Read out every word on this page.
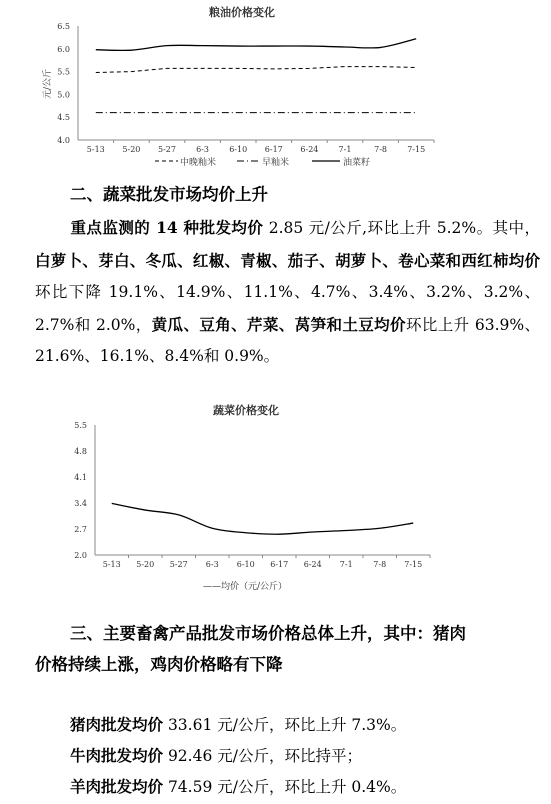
粮油价格变化
元/公斤
6.5
6.0
5.5
5.0
4.5
4.0
5-13 5-20 5-27	6-3	6-10 6-17 6-24	7-1	7-8	7-15
中晚籼米	早籼米	油菜籽
二、蔬菜批发市场均价上升
重点监测的 14 种批发均价 2.85 元/公斤,环比上升 5.2%。其中，白萝卜、芽白、冬瓜、红椒、青椒、茄子、胡萝卜、卷心菜和西红柿均价环比下降 19.1%、14.9%、11.1%、4.7%、3.4%、3.2%、3.2%、2.7%和 2.0%，黄瓜、豆角、芹菜、莴笋和土豆均价环比上升 63.9%、21.6%、16.1%、8.4%和 0.9%。
蔬菜价格变化
5.5
4.8
4.1
3.4
2.7
2.0
5-13 5-20 5-27 6-3 6-10 6-17 6-24 7-1	7-8 7-15
——均价（元/公斤）
三、主要畜禽产品批发市场价格总体上升，其中：猪肉
价格持续上涨，鸡肉价格略有下降
猪肉批发均价 33.61 元/公斤，环比上升 7.3%。
牛肉批发均价 92.46 元/公斤，环比持平；
羊肉批发均价 74.59 元/公斤，环比上升 0.4%。
